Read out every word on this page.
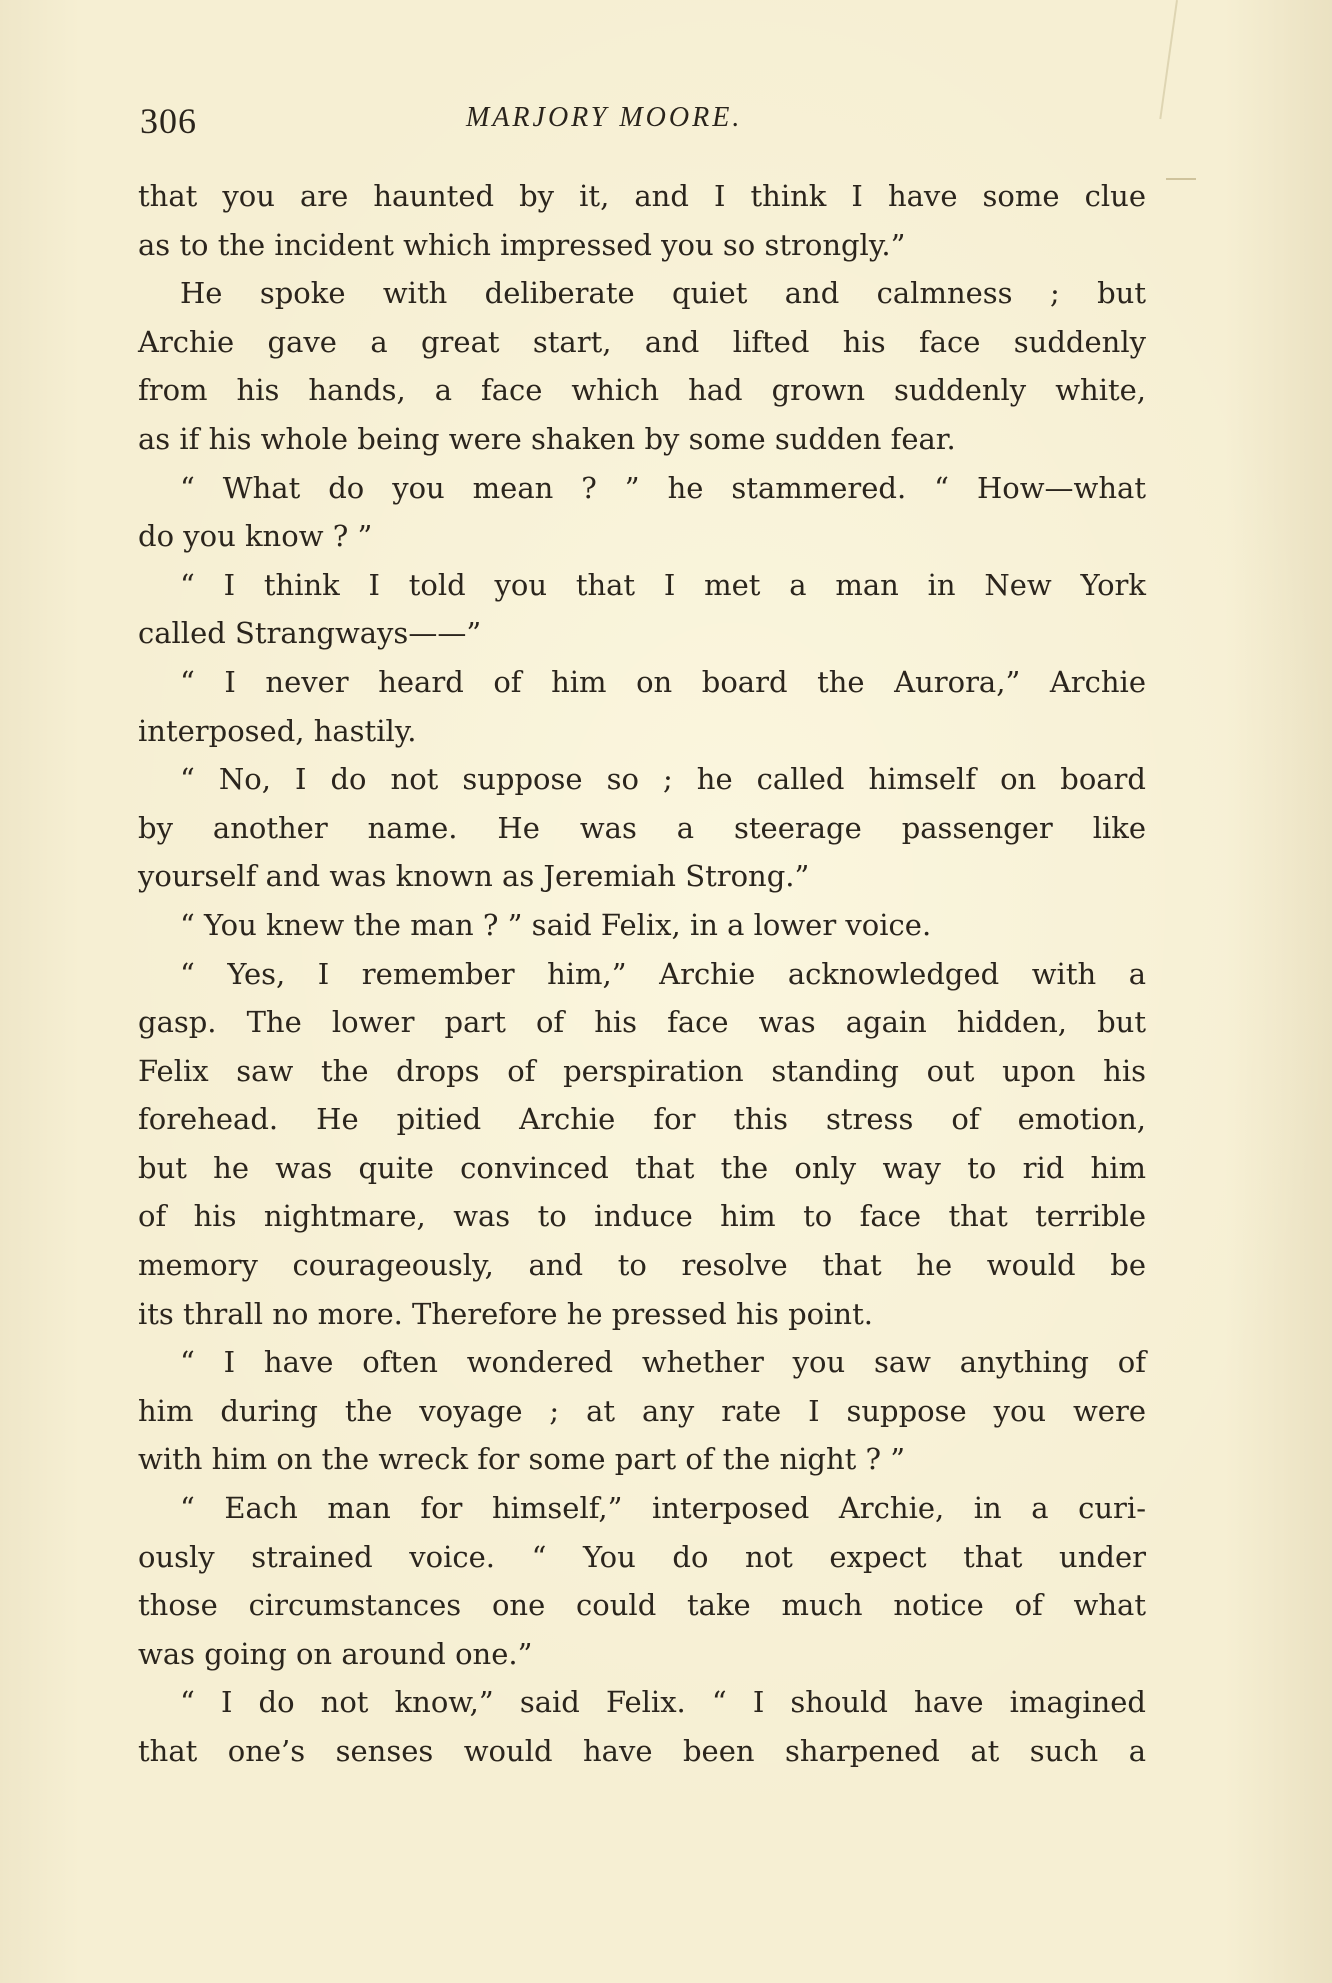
306	MARJORY MOORE.
that you are haunted by it, and I think I have some clue
as to the incident which impressed you so strongly.”
He spoke with deliberate quiet and calmness ; but
Archie gave a great start, and lifted his face suddenly
from his hands, a face which had grown suddenly white,
as if his whole being were shaken by some sudden fear.
“ What do you mean ? ” he stammered. “ How—what
do you know ? ”
“ I think I told you that I met a man in New York
called Strangways——”
“ I never heard of him on board the Aurora,” Archie
interposed, hastily.
“ No, I do not suppose so ; he called himself on board
by another name. He was a steerage passenger like
yourself and was known as Jeremiah Strong.”
“ You knew the man ? ” said Felix, in a lower voice.
“ Yes, I remember him,” Archie acknowledged with a
gasp. The lower part of his face was again hidden, but
Felix saw the drops of perspiration standing out upon his
forehead. He pitied Archie for this stress of emotion,
but he was quite convinced that the only way to rid him
of his nightmare, was to induce him to face that terrible
memory courageously, and to resolve that he would be
its thrall no more. Therefore he pressed his point.
“ I have often wondered whether you saw anything of
him during the voyage ; at any rate I suppose you were
with him on the wreck for some part of the night ? ”
“ Each man for himself,” interposed Archie, in a curi-
ously strained voice. “ You do not expect that under
those circumstances one could take much notice of what
was going on around one.”
“ I do not know,” said Felix. “ I should have imagined
that one’s senses would have been sharpened at such a
